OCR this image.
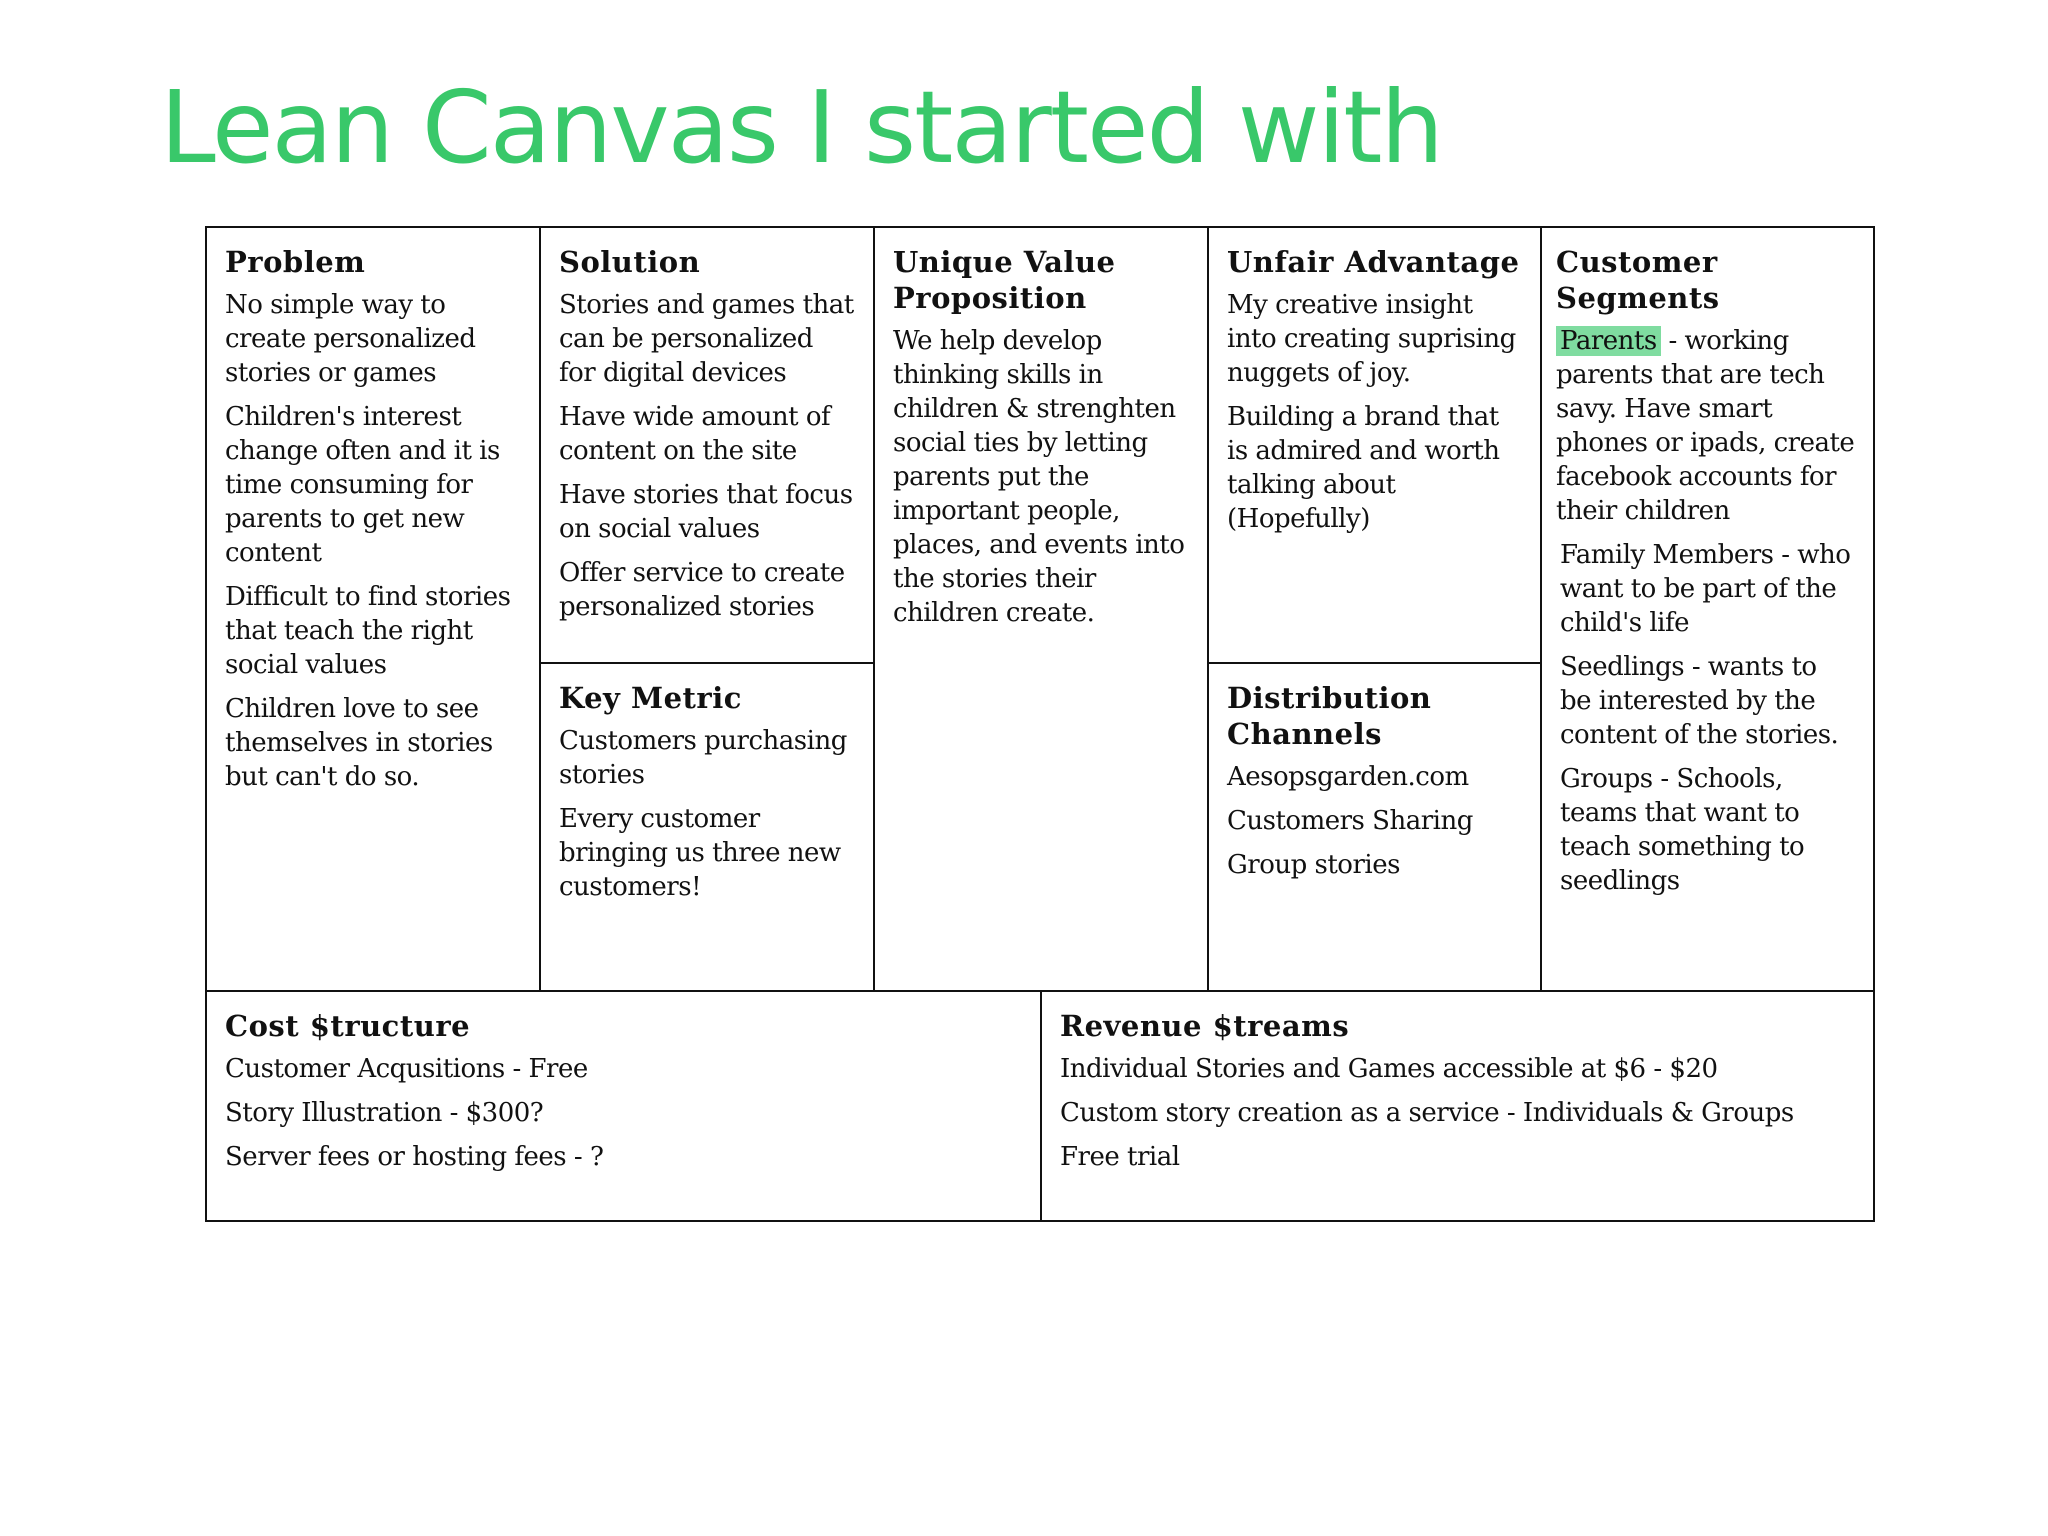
Lean Canvas I started with
Problem

No simple way to create personalized stories or games

Children's interest change often and it is time consuming for parents to get new content

Difficult to find stories that teach the right social values

Children love to see themselves in stories but can't do so.

Solution

Stories and games that can be personalized for digital devices

Have wide amount of content on the site

Have stories that focus on social values

Offer service to create personalized stories

Key Metric

Customers purchasing stories

Every customer bringing us three new customers!

Unique Value Proposition

We help develop thinking skills in children & strenghten social ties by letting parents put the important people, places, and events into the stories their children create.

Unfair Advantage

My creative insight into creating suprising nuggets of joy.

Building a brand that is admired and worth talking about (Hopefully)

Distribution Channels

Aesopsgarden.com

Customers Sharing

Group stories

Customer Segments

Parents - working parents that are tech savy. Have smart phones or ipads, create facebook accounts for their children

Family Members - who want to be part of the child's life

Seedlings - wants to be interested by the content of the stories.

Groups - Schools, teams that want to teach something to seedlings

Cost $tructure

Customer Acqusitions - Free

Story Illustration - $300?

Server fees or hosting fees - ?

Revenue $treams

Individual Stories and Games accessible at $6 - $20

Custom story creation as a service - Individuals & Groups

Free trial
